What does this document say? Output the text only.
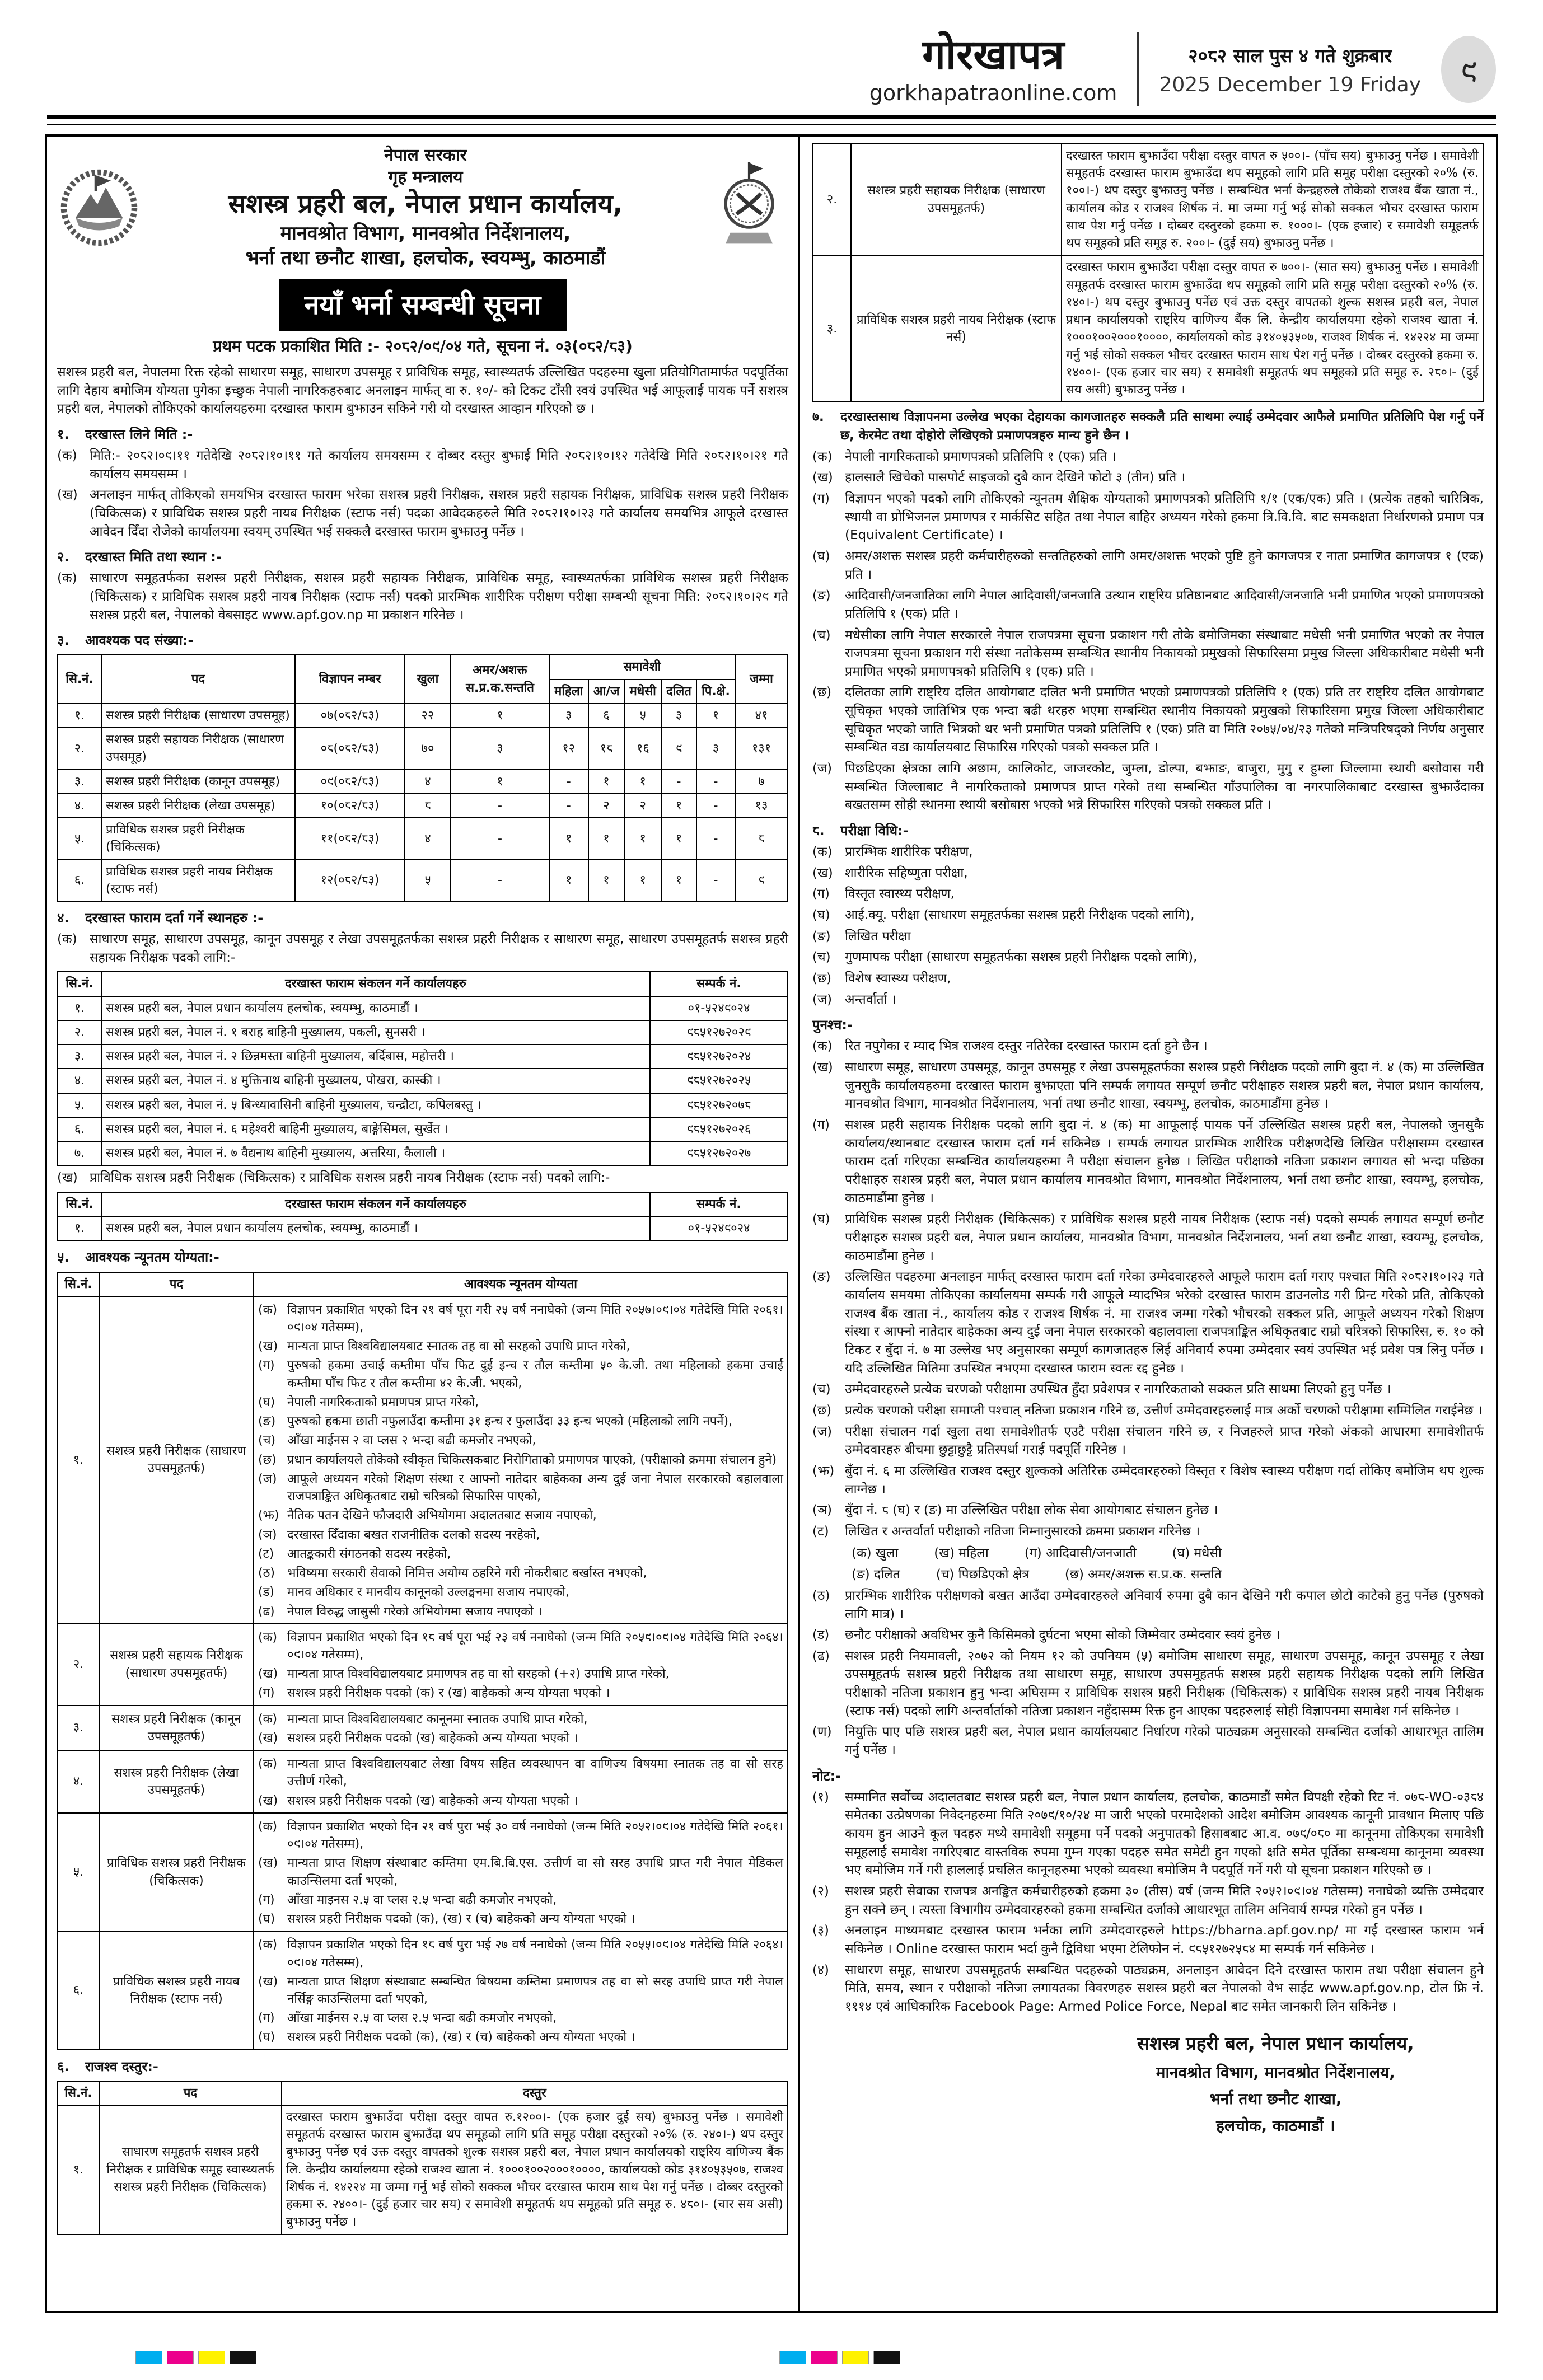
गोरखापत्र
gorkhapatraonline.com
२०८२ साल पुस ४ गते शुक्रबार
2025 December 19 Friday	९
नेपाल सरकार
गृह मन्त्रालय
सशस्त्र प्रहरी बल, नेपाल प्रधान कार्यालय,
मानवश्रोत विभाग, मानवश्रोत निर्देशनालय,
भर्ना तथा छनौट शाखा, हलचोक, स्वयम्भु, काठमाडौं
नयाँ भर्ना सम्बन्धी सूचना
प्रथम पटक प्रकाशित मिति :- २०८२/०९/०४ गते, सूचना नं. ०३(०८२/८३)
सशस्त्र प्रहरी बल, नेपालमा रिक्त रहेको साधारण समूह, साधारण उपसमूह र प्राविधिक समूह, स्वास्थ्यतर्फ उल्लिखित पदहरुमा खुला प्रतियोगितामार्फत पदपूर्तिका लागि देहाय बमोजिम योग्यता पुगेका इच्छुक नेपाली नागरिकहरुबाट अनलाइन मार्फत् वा रु. १०/- को टिकट टाँसी स्वयं उपस्थित भई आफूलाई पायक पर्ने सशस्त्र प्रहरी बल, नेपालको तोकिएको कार्यालयहरुमा दरखास्त फाराम बुझाउन सकिने गरी यो दरखास्त आव्हान गरिएको छ ।
१.	दरखास्त लिने मिति :-
(क) मिति:- २०८२।०९।११ गतेदेखि २०८२।१०।११ गते कार्यालय समयसम्म र दोब्बर दस्तुर बुझाई मिति २०८२।१०।१२ गतेदेखि मिति २०८२।१०।२१ गते कार्यालय समयसम्म ।
(ख) अनलाइन मार्फत् तोकिएको समयभित्र दरखास्त फाराम भरेका सशस्त्र प्रहरी निरीक्षक, सशस्त्र प्रहरी सहायक निरीक्षक, प्राविधिक सशस्त्र प्रहरी निरीक्षक (चिकित्सक) र प्राविधिक सशस्त्र प्रहरी नायब निरीक्षक (स्टाफ नर्स) पदका आवेदकहरुले मिति २०८२।१०।२३ गते कार्यालय समयभित्र आफूले दरखास्त आवेदन दिँदा रोजेको कार्यालयमा स्वयम् उपस्थित भई सक्कलै दरखास्त फाराम बुझाउनु पर्नेछ ।
२.	दरखास्त मिति तथा स्थान :-
(क) साधारण समूहतर्फका सशस्त्र प्रहरी निरीक्षक, सशस्त्र प्रहरी सहायक निरीक्षक, प्राविधिक समूह, स्वास्थ्यतर्फका प्राविधिक सशस्त्र प्रहरी निरीक्षक (चिकित्सक) र प्राविधिक सशस्त्र प्रहरी नायब निरीक्षक (स्टाफ नर्स) पदको प्रारम्भिक शारीरिक परीक्षण परीक्षा सम्बन्धी सूचना मिति: २०८२।१०।२९ गते सशस्त्र प्रहरी बल, नेपालको वेबसाइट www.apf.gov.np मा प्रकाशन गरिनेछ ।
३.	आवश्यक पद संख्या:-
सि.नं.	पद	विज्ञापन नम्बर	खुला	अमर/अशक्त स.प्र.क.सन्तति	समावेशी					जम्मा
					महिला	आ/ज	मधेसी	दलित	पि.क्षे.	
१.	सशस्त्र प्रहरी निरीक्षक (साधारण उपसमूह)	०७(०८२/८३)	२२	१	३	६	५	३	१	४१
२.	सशस्त्र प्रहरी सहायक निरीक्षक (साधारण उपसमूह)	०८(०८२/८३)	७०	३	१२	१८	१६	९	३	१३१
३.	सशस्त्र प्रहरी निरीक्षक (कानून उपसमूह)	०९(०८२/८३)	४	१	-	१	१	-	-	७
४.	सशस्त्र प्रहरी निरीक्षक (लेखा उपसमूह)	१०(०८२/८३)	८	-	-	२	२	१	-	१३
५.	प्राविधिक सशस्त्र प्रहरी निरीक्षक (चिकित्सक)	११(०८२/८३)	४	-	१	१	१	१	-	८
६.	प्राविधिक सशस्त्र प्रहरी नायब निरीक्षक (स्टाफ नर्स)	१२(०८२/८३)	५	-	१	१	१	१	-	९
४.	दरखास्त फाराम दर्ता गर्ने स्थानहरु :-
(क) साधारण समूह, साधारण उपसमूह, कानून उपसमूह र लेखा उपसमूहतर्फका सशस्त्र प्रहरी निरीक्षक र साधारण समूह, साधारण उपसमूहतर्फ सशस्त्र प्रहरी सहायक निरीक्षक पदको लागि:-
सि.नं.	दरखास्त फाराम संकलन गर्ने कार्यालयहरु	सम्पर्क नं.
१.	सशस्त्र प्रहरी बल, नेपाल प्रधान कार्यालय हलचोक, स्वयम्भु, काठमाडौं ।	०१-५२४९०२४
२.	सशस्त्र प्रहरी बल, नेपाल नं. १ बराह बाहिनी मुख्यालय, पकली, सुनसरी ।	९८५१२७२०२९
३.	सशस्त्र प्रहरी बल, नेपाल नं. २ छिन्नमस्ता बाहिनी मुख्यालय, बर्दिबास, महोत्तरी ।	९८५१२७२०२४
४.	सशस्त्र प्रहरी बल, नेपाल नं. ४ मुक्तिनाथ बाहिनी मुख्यालय, पोखरा, कास्की ।	९८५१२७२०२५
५.	सशस्त्र प्रहरी बल, नेपाल नं. ५ बिन्ध्यावासिनी बाहिनी मुख्यालय, चन्द्रौटा, कपिलबस्तु ।	९८५१२७२०७८
६.	सशस्त्र प्रहरी बल, नेपाल नं. ६ महेश्वरी बाहिनी मुख्यालय, बाङ्गेसिमल, सुर्खेत ।	९८५१२७२०२६
७.	सशस्त्र प्रहरी बल, नेपाल नं. ७ वैद्यनाथ बाहिनी मुख्यालय, अत्तरिया, कैलाली ।	९८५१२७२०२७
(ख) प्राविधिक सशस्त्र प्रहरी निरीक्षक (चिकित्सक) र प्राविधिक सशस्त्र प्रहरी नायब निरीक्षक (स्टाफ नर्स) पदको लागि:-
सि.नं.	दरखास्त फाराम संकलन गर्ने कार्यालयहरु	सम्पर्क नं.
१.	सशस्त्र प्रहरी बल, नेपाल प्रधान कार्यालय हलचोक, स्वयम्भु, काठमाडौं ।	०१-५२४९०२४
५.	आवश्यक न्यूनतम योग्यता:-
सि.नं.	पद	आवश्यक न्यूनतम योग्यता
१.	सशस्त्र प्रहरी निरीक्षक (साधारण उपसमूहतर्फ)	
(क) विज्ञापन प्रकाशित भएको दिन २१ वर्ष पूरा गरी २५ वर्ष ननाघेको (जन्म मिति २०५७।०९।०४ गतेदेखि मिति २०६१।०९।०४ गतेसम्म),
(ख) मान्यता प्राप्त विश्वविद्यालयबाट स्नातक तह वा सो सरहको उपाधि प्राप्त गरेको,
(ग)	पुरुषको हकमा उचाई कम्तीमा पाँच फिट दुई इन्च र तौल कम्तीमा ५० के.जी. तथा महिलाको हकमा उचाई कम्तीमा पाँच फिट र तौल कम्तीमा ४२ के.जी. भएको,
(घ) नेपाली नागरिकताको प्रमाणपत्र प्राप्त गरेको,
(ङ) पुरुषको हकमा छाती नफुलाउँदा कम्तीमा ३१ इन्च र फुलाउँदा ३३ इन्च भएको (महिलाको लागि नपर्ने),
(च) आँखा माईनस २ वा प्लस २ भन्दा बढी कमजोर नभएको,
(छ) प्रधान कार्यालयले तोकेको स्वीकृत चिकित्सकबाट निरोगिताको प्रमाणपत्र पाएको, (परीक्षाको क्रममा संचालन हुने)
(ज) आफूले अध्ययन गरेको शिक्षण संस्था र आफ्नो नातेदार बाहेकका अन्य दुई जना नेपाल सरकारको बहालवाला राजपत्राङ्कित अधिकृतबाट राम्रो चरित्रको सिफारिस पाएको,
(झ) नैतिक पतन देखिने फौजदारी अभियोगमा अदालतबाट सजाय नपाएको,
(ञ) दरखास्त दिँदाका बखत राजनीतिक दलको सदस्य नरहेको,
(ट)	आतङ्ककारी संगठनको सदस्य नरहेको,
(ठ)	भविष्यमा सरकारी सेवाको निमित्त अयोग्य ठहरिने गरी नोकरीबाट बर्खास्त नभएको,
(ड)	मानव अधिकार र मानवीय कानूनको उल्लङ्घनमा सजाय नपाएको,
(ढ)	नेपाल विरुद्ध जासुसी गरेको अभियोगमा सजाय नपाएको ।

२.	सशस्त्र प्रहरी सहायक निरीक्षक (साधारण उपसमूहतर्फ)	
(क) विज्ञापन प्रकाशित भएको दिन १८ वर्ष पूरा भई २३ वर्ष ननाघेको (जन्म मिति २०५९।०९।०४ गतेदेखि मिति २०६४।०९।०४ गतेसम्म),
(ख) मान्यता प्राप्त विश्वविद्यालयबाट प्रमाणपत्र तह वा सो सरहको (+२) उपाधि प्राप्त गरेको,
(ग)	सशस्त्र प्रहरी निरीक्षक पदको (क) र (ख) बाहेकको अन्य योग्यता भएको ।

३.	सशस्त्र प्रहरी निरीक्षक (कानून उपसमूहतर्फ)	(क) मान्यता प्राप्त विश्वविद्यालयबाट कानूनमा स्नातक उपाधि प्राप्त गरेको,
(ख) सशस्त्र प्रहरी निरीक्षक पदको (ख) बाहेकको अन्य योग्यता भएको ।

४.	सशस्त्र प्रहरी निरीक्षक (लेखा उपसमूहतर्फ)	(क) मान्यता प्राप्त विश्वविद्यालयबाट लेखा विषय सहित व्यवस्थापन वा वाणिज्य विषयमा स्नातक तह वा सो सरह उत्तीर्ण गरेको,
(ख) सशस्त्र प्रहरी निरीक्षक पदको (ख) बाहेकको अन्य योग्यता भएको ।

५.	प्राविधिक सशस्त्र प्रहरी निरीक्षक (चिकित्सक)	
(क) विज्ञापन प्रकाशित भएको दिन २१ वर्ष पुरा भई ३० वर्ष ननाघेको (जन्म मिति २०५२।०९।०४ गतेदेखि मिति २०६१।०९।०४ गतेसम्म),
(ख) मान्यता प्राप्त शिक्षण संस्थाबाट कम्तिमा एम.बि.बि.एस. उत्तीर्ण वा सो सरह उपाधि प्राप्त गरी नेपाल मेडिकल काउन्सिलमा दर्ता भएको,
(ग)	आँखा माइनस २.५ वा प्लस २.५ भन्दा बढी कमजोर नभएको,
(घ) सशस्त्र प्रहरी निरीक्षक पदको (क), (ख) र (च) बाहेकको अन्य योग्यता भएको ।

६.	प्राविधिक सशस्त्र प्रहरी नायब निरीक्षक (स्टाफ नर्स)	
(क) विज्ञापन प्रकाशित भएको दिन १८ वर्ष पुरा भई २७ वर्ष ननाघेको (जन्म मिति २०५५।०९।०४ गतेदेखि मिति २०६४।०९।०४ गतेसम्म),
(ख) मान्यता प्राप्त शिक्षण संस्थाबाट सम्बन्धित बिषयमा कम्तिमा प्रमाणपत्र तह वा सो सरह उपाधि प्राप्त गरी नेपाल नर्सिङ्ग काउन्सिलमा दर्ता भएको,
(ग)	आँखा माईनस २.५ वा प्लस २.५ भन्दा बढी कमजोर नभएको,
(घ) सशस्त्र प्रहरी निरीक्षक पदको (क), (ख) र (च) बाहेकको अन्य योग्यता भएको ।
६.	राजश्व दस्तुर:-
सि.नं.	पद	दस्तुर
१.	साधारण समूहतर्फ सशस्त्र प्रहरी निरीक्षक र प्राविधिक समूह स्वास्थ्यतर्फ सशस्त्र प्रहरी निरीक्षक (चिकित्सक)	दरखास्त फाराम बुझाउँदा परीक्षा दस्तुर वापत रु.१२००।- (एक हजार दुई सय) बुझाउनु पर्नेछ । समावेशी समूहतर्फ दरखास्त फाराम बुझाउँदा थप समूहको लागि प्रति समूह परीक्षा दस्तुरको २०% (रु. २४०।-) थप दस्तुर बुझाउनु पर्नेछ एवं उक्त दस्तुर वापतको शुल्क सशस्त्र प्रहरी बल, नेपाल प्रधान कार्यालयको राष्ट्रिय वाणिज्य बैंक लि. केन्द्रीय कार्यालयमा रहेको राजश्व खाता नं. १०००१००२०००१००००, कार्यालयको कोड ३१४०५३५०७, राजश्व शिर्षक नं. १४२२४ मा जम्मा गर्नु भई सोको सक्कल भौचर दरखास्त फाराम साथ पेश गर्नु पर्नेछ । दोब्बर दस्तुरको हकमा रु. २४००।- (दुई हजार चार सय) र समावेशी समूहतर्फ थप समूहको प्रति समूह रु. ४८०।- (चार सय असी) बुझाउनु पर्नेछ ।
२.	सशस्त्र प्रहरी सहायक निरीक्षक (साधारण उपसमूहतर्फ)	दरखास्त फाराम बुझाउँदा परीक्षा दस्तुर वापत रु ५००।- (पाँच सय) बुझाउनु पर्नेछ । समावेशी समूहतर्फ दरखास्त फाराम बुझाउँदा थप समूहको लागि प्रति समूह परीक्षा दस्तुरको २०% (रु. १००।-) थप दस्तुर बुझाउनु पर्नेछ । सम्बन्धित भर्ना केन्द्रहरुले तोकेको राजश्व बैंक खाता नं., कार्यालय कोड र राजश्व शिर्षक नं. मा जम्मा गर्नु भई सोको सक्कल भौचर दरखास्त फाराम साथ पेश गर्नु पर्नेछ । दोब्बर दस्तुरको हकमा रु. १०००।- (एक हजार) र समावेशी समूहतर्फ थप समूहको प्रति समूह रु. २००।- (दुई सय) बुझाउनु पर्नेछ ।
३.	प्राविधिक सशस्त्र प्रहरी नायब निरीक्षक (स्टाफ नर्स)	दरखास्त फाराम बुझाउँदा परीक्षा दस्तुर वापत रु ७००।- (सात सय) बुझाउनु पर्नेछ । समावेशी समूहतर्फ दरखास्त फाराम बुझाउँदा थप समूहको लागि प्रति समूह परीक्षा दस्तुरको २०% (रु. १४०।-) थप दस्तुर बुझाउनु पर्नेछ एवं उक्त दस्तुर वापतको शुल्क सशस्त्र प्रहरी बल, नेपाल प्रधान कार्यालयको राष्ट्रिय वाणिज्य बैंक लि. केन्द्रीय कार्यालयमा रहेको राजश्व खाता नं. १०००१००२०००१००००, कार्यालयको कोड ३१४०५३५०७, राजश्व शिर्षक नं. १४२२४ मा जम्मा गर्नु भई सोको सक्कल भौचर दरखास्त फाराम साथ पेश गर्नु पर्नेछ । दोब्बर दस्तुरको हकमा रु. १४००।- (एक हजार चार सय) र समावेशी समूहतर्फ थप समूहको प्रति समूह रु. २८०।- (दुई सय असी) बुझाउनु पर्नेछ ।
७.	दरखास्तसाथ विज्ञापनमा उल्लेख भएका देहायका कागजातहरु सक्कलै प्रति साथमा ल्याई उम्मेदवार आफैले प्रमाणित प्रतिलिपि पेश गर्नु पर्ने छ, केरमेट तथा दोहोरो लेखिएको प्रमाणपत्रहरु मान्य हुने छैन ।
(क) नेपाली नागरिकताको प्रमाणपत्रको प्रतिलिपि १ (एक) प्रति ।
(ख) हालसालै खिचेको पासपोर्ट साइजको दुबै कान देखिने फोटो ३ (तीन) प्रति ।
(ग)	विज्ञापन भएको पदको लागि तोकिएको न्यूनतम शैक्षिक योग्यताको प्रमाणपत्रको प्रतिलिपि १/१ (एक/एक) प्रति । (प्रत्येक तहको चारित्रिक, स्थायी वा प्रोभिजनल प्रमाणपत्र र मार्कसिट सहित तथा नेपाल बाहिर अध्ययन गरेको हकमा त्रि.वि.वि. बाट समकक्षता निर्धारणको प्रमाण पत्र (Equivalent Certificate) ।
(घ)	अमर/अशक्त सशस्त्र प्रहरी कर्मचारीहरुको सन्ततिहरुको लागि अमर/अशक्त भएको पुष्टि हुने कागजपत्र र नाता प्रमाणित कागजपत्र १ (एक) प्रति ।
(ङ)	आदिवासी/जनजातिका लागि नेपाल आदिवासी/जनजाति उत्थान राष्ट्रिय प्रतिष्ठानबाट आदिवासी/जनजाति भनी प्रमाणित भएको प्रमाणपत्रको प्रतिलिपि १ (एक) प्रति ।
(च)	मधेसीका लागि नेपाल सरकारले नेपाल राजपत्रमा सूचना प्रकाशन गरी तोके बमोजिमका संस्थाबाट मधेसी भनी प्रमाणित भएको तर नेपाल राजपत्रमा सूचना प्रकाशन गरी संस्था नतोकेसम्म सम्बन्धित स्थानीय निकायको प्रमुखको सिफारिसमा प्रमुख जिल्ला अधिकारीबाट मधेसी भनी प्रमाणित भएको प्रमाणपत्रको प्रतिलिपि १ (एक) प्रति ।
(छ)	दलितका लागि राष्ट्रिय दलित आयोगबाट दलित भनी प्रमाणित भएको प्रमाणपत्रको प्रतिलिपि १ (एक) प्रति तर राष्ट्रिय दलित आयोगबाट सूचिकृत भएको जातिभित्र एक भन्दा बढी थरहरु भएमा सम्बन्धित स्थानीय निकायको प्रमुखको सिफारिसमा प्रमुख जिल्ला अधिकारीबाट सूचिकृत भएको जाति भित्रको थर भनी प्रमाणित पत्रको प्रतिलिपि १ (एक) प्रति वा मिति २०७५/०४/२३ गतेको मन्त्रिपरिषद्को निर्णय अनुसार सम्बन्धित वडा कार्यालयबाट सिफारिस गरिएको पत्रको सक्कल प्रति ।
(ज) पिछडिएका क्षेत्रका लागि अछाम, कालिकोट, जाजरकोट, जुम्ला, डोल्पा, बझाङ, बाजुरा, मुगु र हुम्ला जिल्लामा स्थायी बसोवास गरी सम्बन्धित जिल्लाबाट नै नागरिकताको प्रमाणपत्र प्राप्त गरेको तथा सम्बन्धित गाँउपालिका वा नगरपालिकाबाट दरखास्त बुझाउँदाका बखतसम्म सोही स्थानमा स्थायी बसोबास भएको भन्ने सिफारिस गरिएको पत्रको सक्कल प्रति ।
८.	परीक्षा विधि:-
(क) प्रारम्भिक शारीरिक परीक्षण,
(ख) शारीरिक सहिष्णुता परीक्षा,
(ग)	विस्तृत स्वास्थ्य परीक्षण,
(घ)	आई.क्यू. परीक्षा (साधारण समूहतर्फका सशस्त्र प्रहरी निरीक्षक पदको लागि),
(ङ)	लिखित परीक्षा
(च)	गुणमापक परीक्षा (साधारण समूहतर्फका सशस्त्र प्रहरी निरीक्षक पदको लागि),
(छ)	विशेष स्वास्थ्य परीक्षण,
(ज) अन्तर्वार्ता ।
पुनश्च:-
(क) रित नपुगेका र म्याद भित्र राजश्व दस्तुर नतिरेका दरखास्त फाराम दर्ता हुने छैन ।
(ख) साधारण समूह, साधारण उपसमूह, कानून उपसमूह र लेखा उपसमूहतर्फका सशस्त्र प्रहरी निरीक्षक पदको लागि बुदा नं. ४ (क) मा उल्लिखित जुनसुकै कार्यालयहरुमा दरखास्त फाराम बुझाएता पनि सम्पर्क लगायत सम्पूर्ण छनौट परीक्षाहरु सशस्त्र प्रहरी बल, नेपाल प्रधान कार्यालय, मानवश्रोत विभाग, मानवश्रोत निर्देशनालय, भर्ना तथा छनौट शाखा, स्वयम्भू, हलचोक, काठमाडौंमा हुनेछ ।
(ग)	सशस्त्र प्रहरी सहायक निरीक्षक पदको लागि बुदा नं. ४ (क) मा आफूलाई पायक पर्ने उल्लिखित सशस्त्र प्रहरी बल, नेपालको जुनसुकै कार्यालय/स्थानबाट दरखास्त फाराम दर्ता गर्न सकिनेछ । सम्पर्क लगायत प्रारम्भिक शारीरिक परीक्षणदेखि लिखित परीक्षासम्म दरखास्त फाराम दर्ता गरिएका सम्बन्धित कार्यालयहरुमा नै परीक्षा संचालन हुनेछ । लिखित परीक्षाको नतिजा प्रकाशन लगायत सो भन्दा पछिका परीक्षाहरु सशस्त्र प्रहरी बल, नेपाल प्रधान कार्यालय मानवश्रोत विभाग, मानवश्रोत निर्देशनालय, भर्ना तथा छनौट शाखा, स्वयम्भू, हलचोक, काठमाडौंमा हुनेछ ।
(घ)	प्राविधिक सशस्त्र प्रहरी निरीक्षक (चिकित्सक) र प्राविधिक सशस्त्र प्रहरी नायब निरीक्षक (स्टाफ नर्स) पदको सम्पर्क लगायत सम्पूर्ण छनौट परीक्षाहरु सशस्त्र प्रहरी बल, नेपाल प्रधान कार्यालय, मानवश्रोत विभाग, मानवश्रोत निर्देशनालय, भर्ना तथा छनौट शाखा, स्वयम्भू, हलचोक, काठमाडौंमा हुनेछ ।
(ङ)	उल्लिखित पदहरुमा अनलाइन मार्फत् दरखास्त फाराम दर्ता गरेका उम्मेदवारहरुले आफूले फाराम दर्ता गराए पश्चात मिति २०८२।१०।२३ गते कार्यालय समयमा तोकिएका कार्यालयमा सम्पर्क गरी आफूले म्यादभित्र भरेको दरखास्त फाराम डाउनलोड गरी प्रिन्ट गरेको प्रति, तोकिएको राजश्व बैंक खाता नं., कार्यालय कोड र राजश्व शिर्षक नं. मा राजश्व जम्मा गरेको भौचरको सक्कल प्रति, आफूले अध्ययन गरेको शिक्षण संस्था र आफ्नो नातेदार बाहेकका अन्य दुई जना नेपाल सरकारको बहालवाला राजपत्राङ्कित अधिकृतबाट राम्रो चरित्रको सिफारिस, रु. १० को टिकट र बुँदा नं. ७ मा उल्लेख भए अनुसारका सम्पूर्ण कागजातहरु लिई अनिवार्य रुपमा उम्मेदवार स्वयं उपस्थित भई प्रवेश पत्र लिनु पर्नेछ । यदि उल्लिखित मितिमा उपस्थित नभएमा दरखास्त फाराम स्वतः रद्द हुनेछ ।
(च)	उम्मेदवारहरुले प्रत्येक चरणको परीक्षामा उपस्थित हुँदा प्रवेशपत्र र नागरिकताको सक्कल प्रति साथमा लिएको हुनु पर्नेछ ।
(छ)	प्रत्येक चरणको परीक्षा समाप्ती पश्चात् नतिजा प्रकाशन गरिने छ, उत्तीर्ण उम्मेदवारहरुलाई मात्र अर्को चरणको परीक्षामा सम्मिलित गराईनेछ ।
(ज) परीक्षा संचालन गर्दा खुला तथा समावेशीतर्फ एउटै परीक्षा संचालन गरिने छ, र निजहरुले प्राप्त गरेको अंकको आधारमा समावेशीतर्फ उम्मेदवारहरु बीचमा छुट्टाछुट्टै प्रतिस्पर्धा गराई पदपूर्ति गरिनेछ ।
(झ) बुँदा नं. ६ मा उल्लिखित राजश्व दस्तुर शुल्कको अतिरिक्त उम्मेदवारहरुको विस्तृत र विशेष स्वास्थ्य परीक्षण गर्दा तोकिए बमोजिम थप शुल्क लाग्नेछ ।
(ञ) बुँदा नं. ८ (घ) र (ङ) मा उल्लिखित परीक्षा लोक सेवा आयोगबाट संचालन हुनेछ ।
(ट)	लिखित र अन्तर्वार्ता परीक्षाको नतिजा निम्नानुसारको क्रममा प्रकाशन गरिनेछ ।
(क) खुला	(ख) महिला	(ग) आदिवासी/जनजाती	(घ) मधेसी
(ङ) दलित	(च) पिछडिएको क्षेत्र	(छ) अमर/अशक्त स.प्र.क. सन्तति
(ठ)	प्रारम्भिक शारीरिक परीक्षणको बखत आउँदा उम्मेदवारहरुले अनिवार्य रुपमा दुबै कान देखिने गरी कपाल छोटो काटेको हुनु पर्नेछ (पुरुषको लागि मात्र) ।
(ड)	छनौट परीक्षाको अवधिभर कुनै किसिमको दुर्घटना भएमा सोको जिम्मेवार उम्मेदवार स्वयं हुनेछ ।
(ढ)	सशस्त्र प्रहरी नियमावली, २०७२ को नियम १२ को उपनियम (५) बमोजिम साधारण समूह, साधारण उपसमूह, कानून उपसमूह र लेखा उपसमूहतर्फ सशस्त्र प्रहरी निरीक्षक तथा साधारण समूह, साधारण उपसमूहतर्फ सशस्त्र प्रहरी सहायक निरीक्षक पदको लागि लिखित परीक्षाको नतिजा प्रकाशन हुनु भन्दा अघिसम्म र प्राविधिक सशस्त्र प्रहरी निरीक्षक (चिकित्सक) र प्राविधिक सशस्त्र प्रहरी नायब निरीक्षक (स्टाफ नर्स) पदको लागि अन्तर्वार्ताको नतिजा प्रकाशन नहुँदासम्म रिक्त हुन आएका पदहरुलाई सोही विज्ञापनमा समावेश गर्न सकिनेछ ।
(ण)	नियुक्ति पाए पछि सशस्त्र प्रहरी बल, नेपाल प्रधान कार्यालयबाट निर्धारण गरेको पाठ्यक्रम अनुसारको सम्बन्धित दर्जाको आधारभूत तालिम गर्नु पर्नेछ ।
नोट:-
(१)	सम्मानित सर्वोच्च अदालतबाट सशस्त्र प्रहरी बल, नेपाल प्रधान कार्यालय, हलचोक, काठमाडौं समेत विपक्षी रहेको रिट नं. ०७८-WO-०३८४ समेतका उत्प्रेषणका निवेदनहरुमा मिति २०७९/१०/२४ मा जारी भएको परमादेशको आदेश बमोजिम आवश्यक कानूनी प्रावधान मिलाए पछि कायम हुन आउने कूल पदहरु मध्ये समावेशी समूहमा पर्ने पदको अनुपातको हिसाबबाट आ.व. ०७९/०८० मा कानूनमा तोकिएका समावेशी समूहलाई समावेश नगरिएबाट वास्तविक रुपमा गुम्न गएका पदहरु समेत समेटी हुन गएको क्षति समेत पूर्तिका सम्बन्धमा कानूनमा व्यवस्था भए बमोजिम गर्ने गरी हाललाई प्रचलित कानूनहरुमा भएको व्यवस्था बमोजिम नै पदपूर्ति गर्ने गरी यो सूचना प्रकाशन गरिएको छ ।
(२)	सशस्त्र प्रहरी सेवाका राजपत्र अनङ्कित कर्मचारीहरुको हकमा ३० (तीस) वर्ष (जन्म मिति २०५२।०९।०४ गतेसम्म) ननाघेको व्यक्ति उम्मेदवार हुन सक्ने छन् । त्यस्ता विभागीय उम्मेदवारहरुको हकमा सम्बन्धित दर्जाको आधारभूत तालिम अनिवार्य सम्पन्न गरेको हुन पर्नेछ ।
(३)	अनलाइन माध्यमबाट दरखास्त फाराम भर्नका लागि उम्मेदवारहरुले https://bharna.apf.gov.np/ मा गई दरखास्त फाराम भर्न सकिनेछ । Online दरखास्त फाराम भर्दा कुनै द्विविधा भएमा टेलिफोन नं. ९८५१२७२५८४ मा सम्पर्क गर्न सकिनेछ ।
(४)	साधारण समूह, साधारण उपसमूहतर्फ सम्बन्धित पदहरुको पाठ्यक्रम, अनलाइन आवेदन दिने दरखास्त फाराम तथा परीक्षा संचालन हुने मिति, समय, स्थान र परीक्षाको नतिजा लगायतका विवरणहरु सशस्त्र प्रहरी बल नेपालको वेभ साईट www.apf.gov.np, टोल फ्रि नं. १११४ एवं आधिकारिक Facebook Page: Armed Police Force, Nepal बाट समेत जानकारी लिन सकिनेछ ।
सशस्त्र प्रहरी बल, नेपाल प्रधान कार्यालय,
मानवश्रोत विभाग, मानवश्रोत निर्देशनालय,
भर्ना तथा छनौट शाखा,
हलचोक, काठमाडौं ।
